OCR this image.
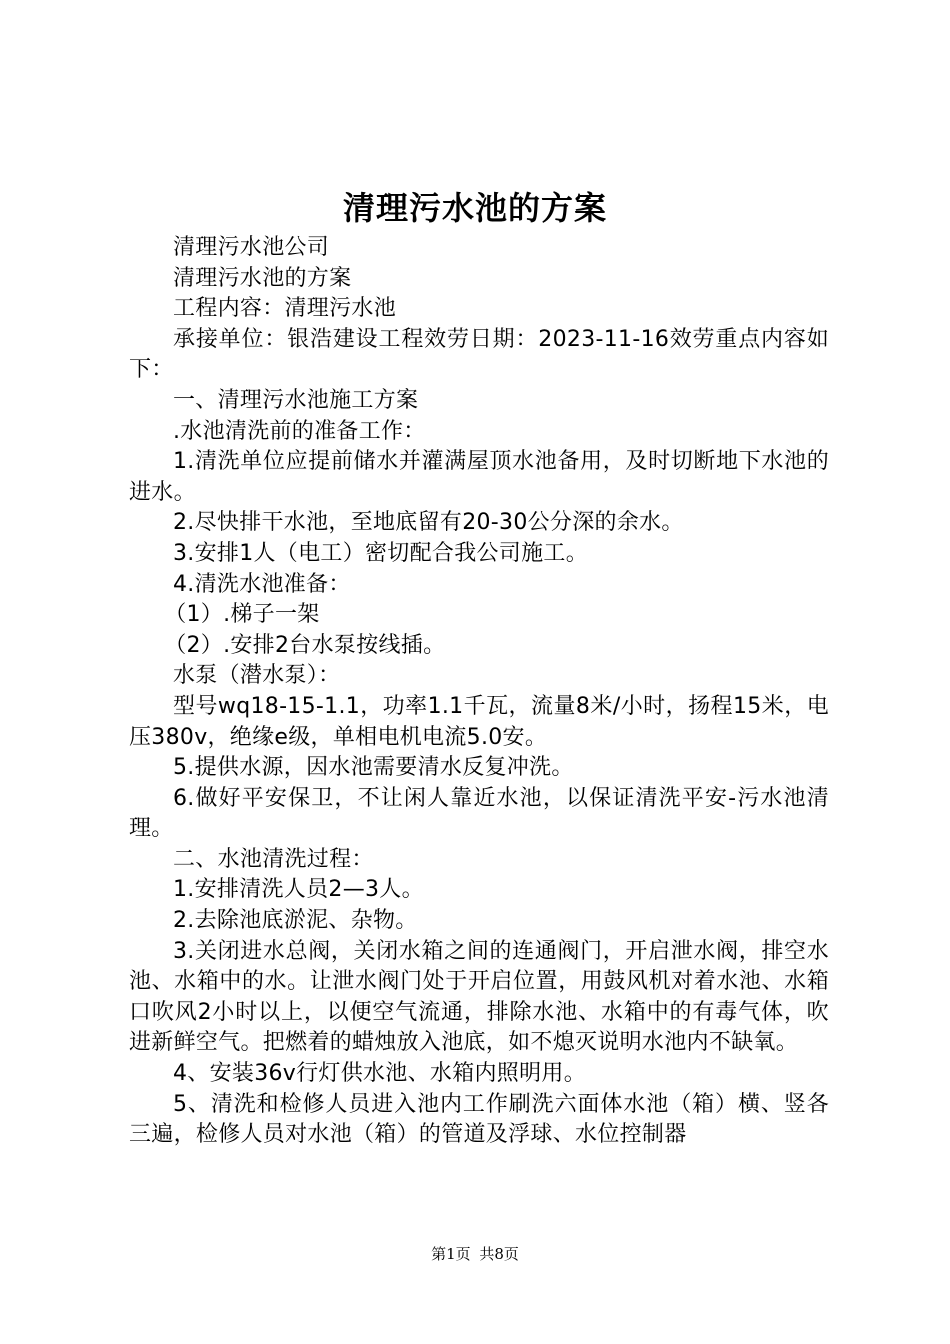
清理污水池的方案

清理污水池公司

清理污水池的方案

工程内容：清理污水池

承接单位：银浩建设工程效劳日期：2023-11-16效劳重点内容如下：

一、清理污水池施工方案

.水池清洗前的准备工作：

1.清洗单位应提前储水并灌满屋顶水池备用，及时切断地下水池的进水。

2.尽快排干水池，至地底留有20-30公分深的余水。

3.安排1人（电工）密切配合我公司施工。

4.清洗水池准备：

（1）.梯子一架

（2）.安排2台水泵按线插。

水泵（潜水泵）：

型号wq18-15-1.1，功率1.1千瓦，流量8米/小时，扬程15米，电压380v，绝缘e级，单相电机电流5.0安。

5.提供水源，因水池需要清水反复冲洗。

6.做好平安保卫，不让闲人靠近水池，以保证清洗平安-污水池清理。

二、水池清洗过程：

1.安排清洗人员2—3人。

2.去除池底淤泥、杂物。

3.关闭进水总阀，关闭水箱之间的连通阀门，开启泄水阀，排空水池、水箱中的水。让泄水阀门处于开启位置，用鼓风机对着水池、水箱口吹风2小时以上，以便空气流通，排除水池、水箱中的有毒气体，吹进新鲜空气。把燃着的蜡烛放入池底，如不熄灭说明水池内不缺氧。

4、安装36v行灯供水池、水箱内照明用。

5、清洗和检修人员进入池内工作刷洗六面体水池（箱）横、竖各三遍，检修人员对水池（箱）的管道及浮球、水位控制器

第1页 共8页
